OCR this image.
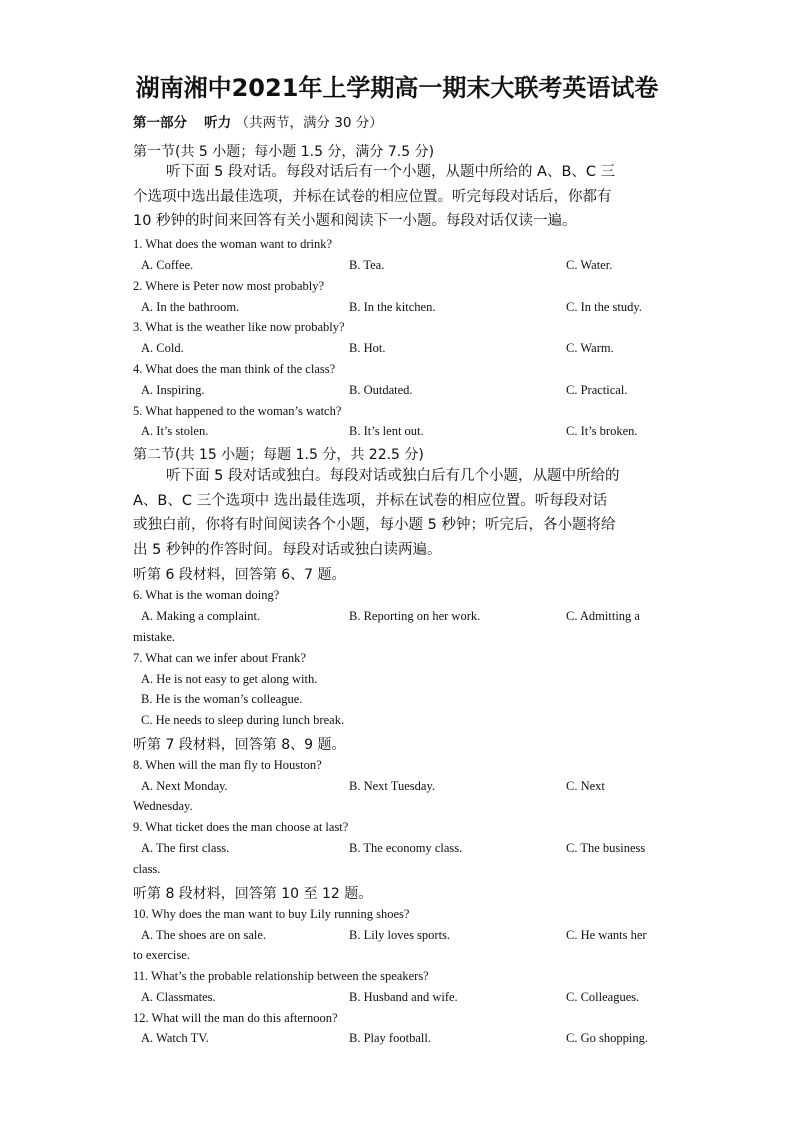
湖南湘中2021年上学期高一期末大联考英语试卷
第一部分 听力 （共两节，满分 30 分）
第一节(共 5 小题；每小题 1.5 分，满分 7.5 分)
听下面 5 段对话。每段对话后有一个小题，从题中所给的 A、B、C 三
个选项中选出最佳选项，并标在试卷的相应位置。听完每段对话后，你都有
10 秒钟的时间来回答有关小题和阅读下一小题。每段对话仅读一遍。
1. What does the woman want to drink?
A. Coffee.	B. Tea.	C. Water.
2. Where is Peter now most probably?
A. In the bathroom.	B. In the kitchen.	C. In the study.
3. What is the weather like now probably?
A. Cold.	B. Hot.	C. Warm.
4. What does the man think of the class?
A. Inspiring.	B. Outdated.	C. Practical.
5. What happened to the woman’s watch?
A. It’s stolen.	B. It’s lent out.	C. It’s broken.
第二节(共 15 小题；每题 1.5 分，共 22.5 分)
听下面 5 段对话或独白。每段对话或独白后有几个小题，从题中所给的
A、B、C 三个选项中 选出最佳选项，并标在试卷的相应位置。听每段对话
或独白前，你将有时间阅读各个小题，每小题 5 秒钟；听完后，各小题将给
出 5 秒钟的作答时间。每段对话或独白读两遍。
听第 6 段材料，回答第 6、7 题。
6. What is the woman doing?
A. Making a complaint.	B. Reporting on her work.	C. Admitting a
mistake.
7. What can we infer about Frank?
A. He is not easy to get along with.
B. He is the woman’s colleague.
C. He needs to sleep during lunch break.
听第 7 段材料，回答第 8、9 题。
8. When will the man fly to Houston?
A. Next Monday.	B. Next Tuesday.	C. Next
Wednesday.
9. What ticket does the man choose at last?
A. The first class.	B. The economy class.	C. The business
class.
听第 8 段材料，回答第 10 至 12 题。
10. Why does the man want to buy Lily running shoes?
A. The shoes are on sale.	B. Lily loves sports.	C. He wants her
to exercise.
11. What’s the probable relationship between the speakers?
A. Classmates.	B. Husband and wife.	C. Colleagues.
12. What will the man do this afternoon?
A. Watch TV.	B. Play football.	C. Go shopping.
